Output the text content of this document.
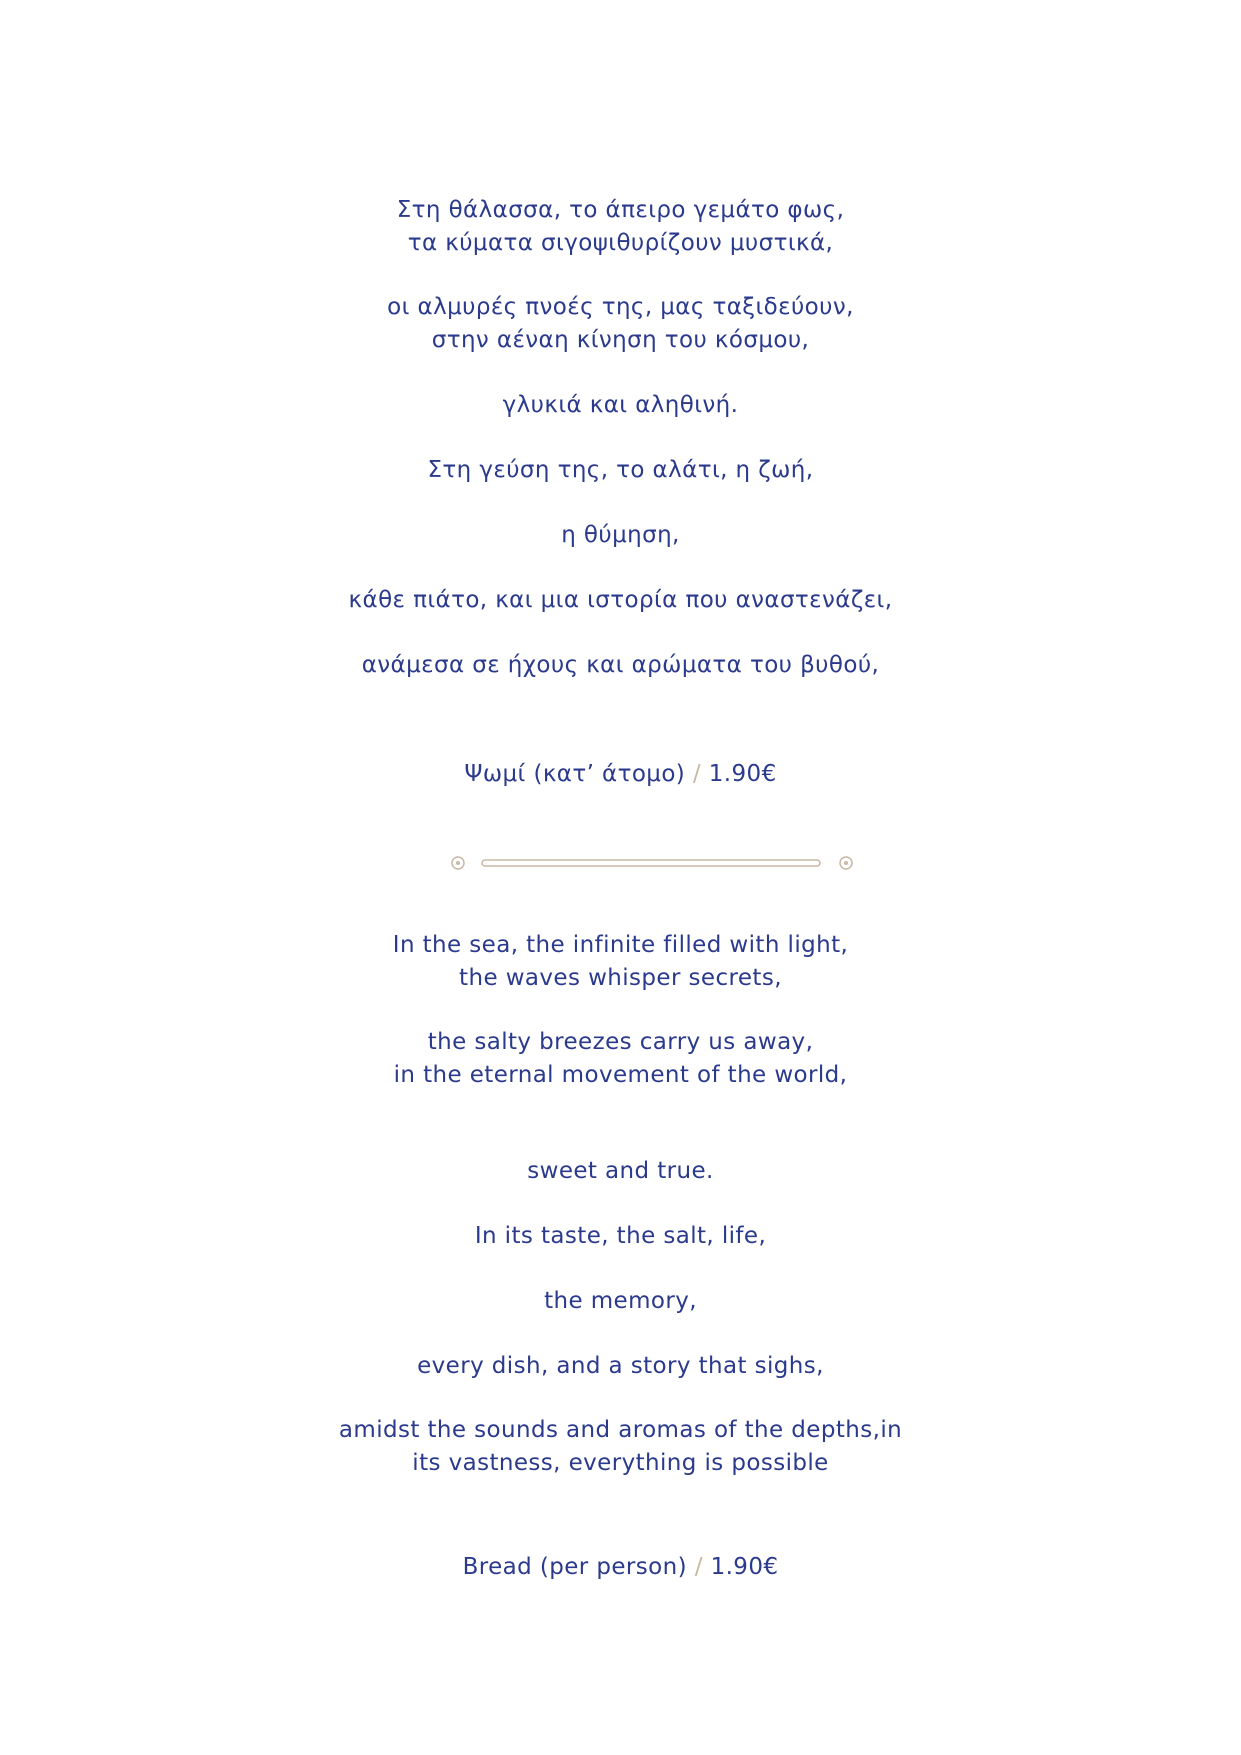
Στη θάλασσα, το άπειρο γεμάτο φως,
τα κύματα σιγοψιθυρίζουν μυστικά,
οι αλμυρές πνοές της, μας ταξιδεύουν,
στην αέναη κίνηση του κόσμου,
γλυκιά και αληθινή.
Στη γεύση της, το αλάτι, η ζωή,
η θύμηση,
κάθε πιάτο, και μια ιστορία που αναστενάζει,
ανάμεσα σε ήχους και αρώματα του βυθού,
Ψωμί (κατ’ άτομο) / 1.90€
In the sea, the infinite filled with light,
the waves whisper secrets,
the salty breezes carry us away,
in the eternal movement of the world,
sweet and true.
In its taste, the salt, life,
the memory,
every dish, and a story that sighs,
amidst the sounds and aromas of the depths,in
its vastness, everything is possible
Bread (per person) / 1.90€
